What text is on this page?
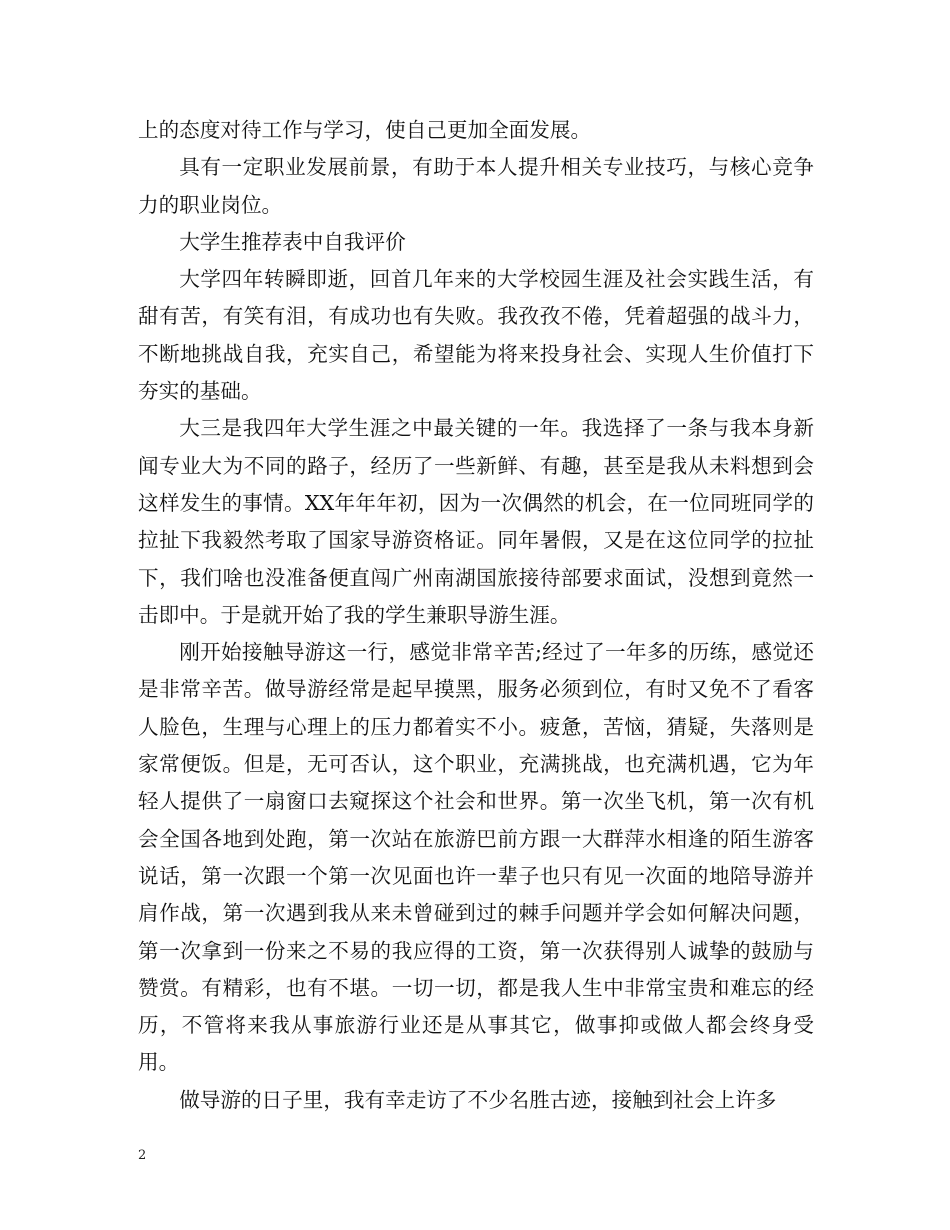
上的态度对待工作与学习，使自己更加全面发展。

具有一定职业发展前景，有助于本人提升相关专业技巧，与核心竞争力的职业岗位。

大学生推荐表中自我评价

大学四年转瞬即逝，回首几年来的大学校园生涯及社会实践生活，有甜有苦，有笑有泪，有成功也有失败。我孜孜不倦，凭着超强的战斗力，不断地挑战自我，充实自己，希望能为将来投身社会、实现人生价值打下夯实的基础。

大三是我四年大学生涯之中最关键的一年。我选择了一条与我本身新闻专业大为不同的路子，经历了一些新鲜、有趣，甚至是我从未料想到会这样发生的事情。XX年年年初，因为一次偶然的机会，在一位同班同学的拉扯下我毅然考取了国家导游资格证。同年暑假，又是在这位同学的拉扯下，我们啥也没准备便直闯广州南湖国旅接待部要求面试，没想到竟然一击即中。于是就开始了我的学生兼职导游生涯。

刚开始接触导游这一行，感觉非常辛苦;经过了一年多的历练，感觉还是非常辛苦。做导游经常是起早摸黑，服务必须到位，有时又免不了看客人脸色，生理与心理上的压力都着实不小。疲惫，苦恼，猜疑，失落则是家常便饭。但是，无可否认，这个职业，充满挑战，也充满机遇，它为年轻人提供了一扇窗口去窥探这个社会和世界。第一次坐飞机，第一次有机会全国各地到处跑，第一次站在旅游巴前方跟一大群萍水相逢的陌生游客说话，第一次跟一个第一次见面也许一辈子也只有见一次面的地陪导游并肩作战，第一次遇到我从来未曾碰到过的棘手问题并学会如何解决问题，第一次拿到一份来之不易的我应得的工资，第一次获得别人诚挚的鼓励与赞赏。有精彩，也有不堪。一切一切，都是我人生中非常宝贵和难忘的经历，不管将来我从事旅游行业还是从事其它，做事抑或做人都会终身受用。

做导游的日子里，我有幸走访了不少名胜古迹，接触到社会上许多

2
